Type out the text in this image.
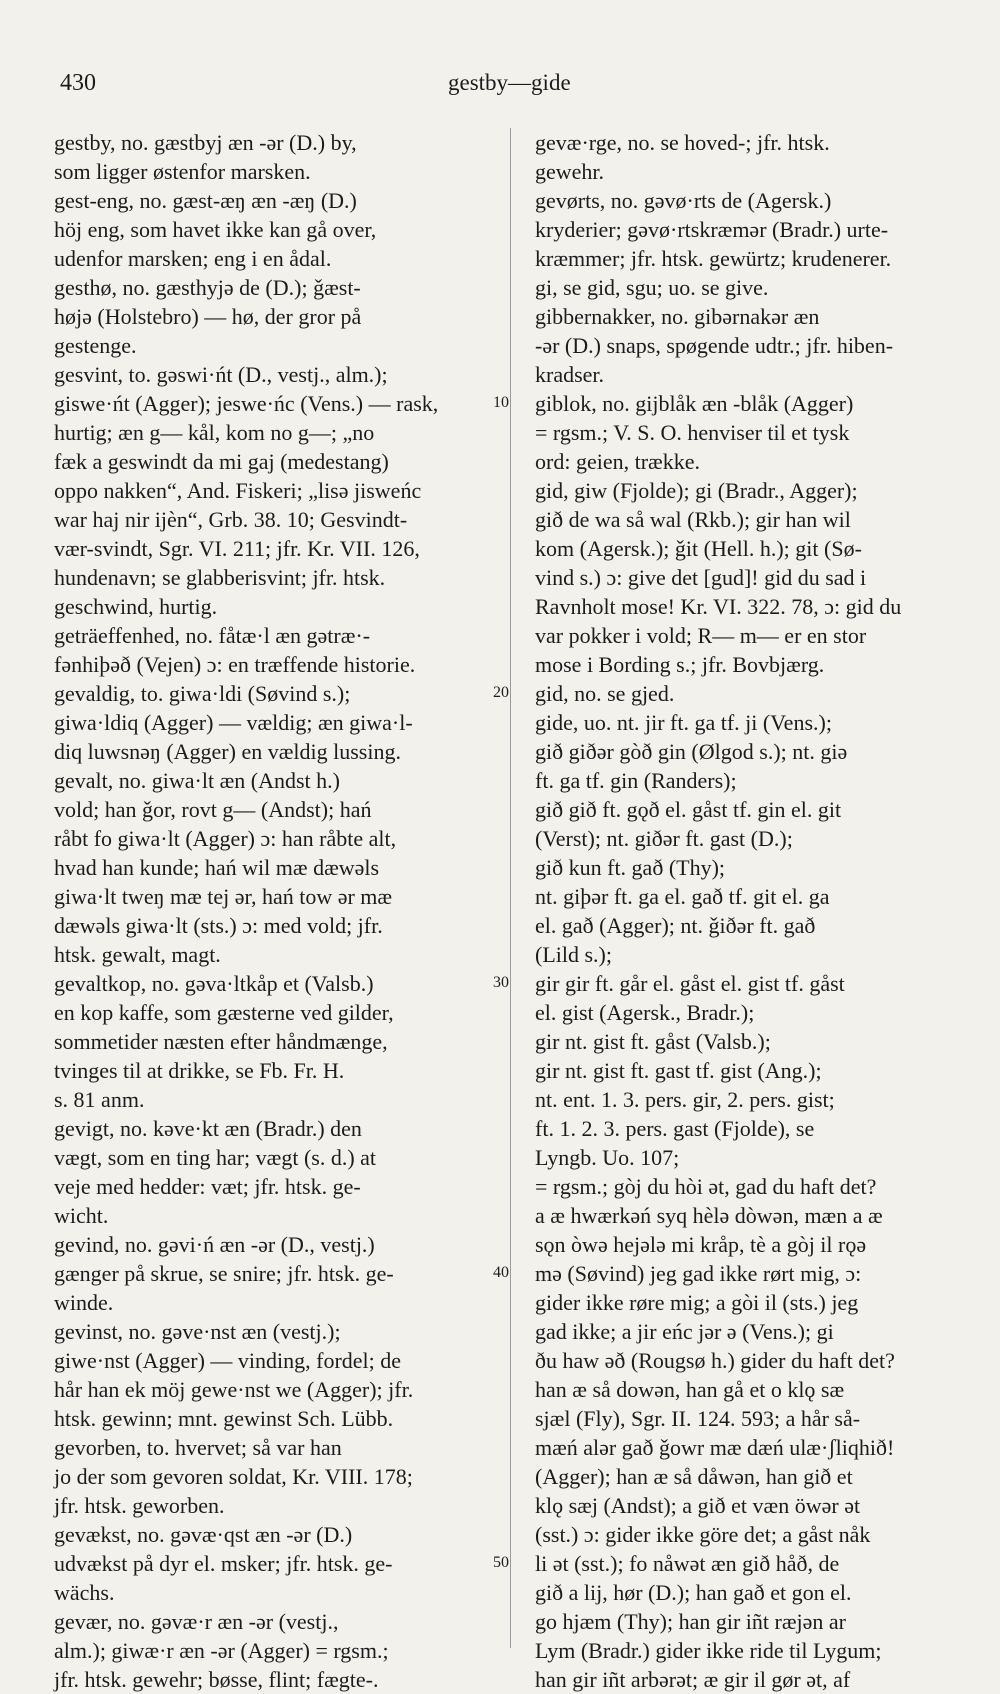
430	gestby—gide
gestby, no. gæstbyj æn -ər (D.) by,
som ligger østenfor marsken.
gest-eng, no. gæst-æŋ æn -æŋ (D.)
höj eng, som havet ikke kan gå over,
udenfor marsken; eng i en ådal.
gesthø, no. gæsthyjə de (D.); ǧæst-
højə (Holstebro) — hø, der gror på
gestenge.
gesvint, to. gəswi·ńt (D., vestj., alm.);
giswe·ńt (Agger); jeswe·ńc (Vens.) — rask,
hurtig; æn g— kål, kom no g—; „no
fæk a geswindt da mi gaj (medestang)
oppo nakken“, And. Fiskeri; „lisə jisweńc
war haj nir ijèn“, Grb. 38. 10; Gesvindt-
vær-svindt, Sgr. VI. 211; jfr. Kr. VII. 126,
hundenavn; se glabberisvint; jfr. htsk.
geschwind, hurtig.
geträeffenhed, no. fåtæ·l æn gətræ·-
fənhiþəð (Vejen) ɔ: en træffende historie.
gevaldig, to. giwa·ldi (Søvind s.);
giwa·ldiq (Agger) — vældig; æn giwa·l-
diq luwsnəŋ (Agger) en vældig lussing.
gevalt, no. giwa·lt æn (Andst h.)
vold; han ǧor, rovt g— (Andst); hań
råbt fo giwa·lt (Agger) ɔ: han råbte alt,
hvad han kunde; hań wil mæ dæwəls
giwa·lt tweŋ mæ tej ər, hań tow ər mæ
dæwəls giwa·lt (sts.) ɔ: med vold; jfr.
htsk. gewalt, magt.
gevaltkop, no. gəva·ltkåp et (Valsb.)
en kop kaffe, som gæsterne ved gilder,
sommetider næsten efter håndmænge,
tvinges til at drikke, se Fb. Fr. H.
s. 81 anm.
gevigt, no. kəve·kt æn (Bradr.) den
vægt, som en ting har; vægt (s. d.) at
veje med hedder: væt; jfr. htsk. ge-
wicht.
gevind, no. gəvi·ń æn -ər (D., vestj.)
gænger på skrue, se snire; jfr. htsk. ge-
winde.
gevinst, no. gəve·nst æn (vestj.);
giwe·nst (Agger) — vinding, fordel; de
hår han ek möj gewe·nst we (Agger); jfr.
htsk. gewinn; mnt. gewinst Sch. Lübb.
gevorben, to. hvervet; så var han
jo der som gevoren soldat, Kr. VIII. 178;
jfr. htsk. geworben.
gevækst, no. gəvæ·qst æn -ər (D.)
udvækst på dyr el. msker; jfr. htsk. ge-
wächs.
gevær, no. gəvæ·r æn -ər (vestj.,
alm.); giwæ·r æn -ər (Agger) = rgsm.;
jfr. htsk. gewehr; bøsse, flint; fægte-.
gevæ·rge, no. se hoved-; jfr. htsk.
gewehr.
gevørts, no. gəvø·rts de (Agersk.)
kryderier; gəvø·rtskræmər (Bradr.) urte-
kræmmer; jfr. htsk. gewürtz; krudenerer.
gi, se gid, sgu; uo. se give.
gibbernakker, no. gibərnakər æn
-ər (D.) snaps, spøgende udtr.; jfr. hiben-
kradser.
giblok, no. gijblåk æn -blåk (Agger)
= rgsm.; V. S. O. henviser til et tysk
ord: geien, trække.
gid, giw (Fjolde); gi (Bradr., Agger);
gið de wa så wal (Rkb.); gir han wil
kom (Agersk.); ǧit (Hell. h.); git (Sø-
vind s.) ɔ: give det [gud]! gid du sad i
Ravnholt mose! Kr. VI. 322. 78, ɔ: gid du
var pokker i vold; R— m— er en stor
mose i Bording s.; jfr. Bovbjærg.
gid, no. se gjed.
gide, uo. nt. jir ft. ga tf. ji (Vens.);
gið giðər gòð gin (Ølgod s.); nt. giə
ft. ga tf. gin (Randers);
gið gið ft. gǫð el. gåst tf. gin el. git
(Verst); nt. giðər ft. gast (D.);
gið kun ft. gað (Thy);
nt. giþər ft. ga el. gað tf. git el. ga
el. gað (Agger); nt. ǧiðər ft. gað
(Lild s.);
gir gir ft. går el. gåst el. gist tf. gåst
el. gist (Agersk., Bradr.);
gir nt. gist ft. gåst (Valsb.);
gir nt. gist ft. gast tf. gist (Ang.);
nt. ent. 1. 3. pers. gir, 2. pers. gist;
ft. 1. 2. 3. pers. gast (Fjolde), se
Lyngb. Uo. 107;
= rgsm.; gòj du hòi ət, gad du haft det?
a æ hwærkəń syq hèlə dòwən, mæn a æ
sǫn òwə hejələ mi kråp, tè a gòj il rǫə
mə (Søvind) jeg gad ikke rørt mig, ɔ:
gider ikke røre mig; a gòi il (sts.) jeg
gad ikke; a jir eńc jər ə (Vens.); gi
ðu haw əð (Rougsø h.) gider du haft det?
han æ så dowən, han gå et o klǫ sæ
sjæl (Fly), Sgr. II. 124. 593; a hår så-
mæń alər gað ǧowr mæ dæń ulæ·ʃliqhið!
(Agger); han æ så dåwən, han gið et
klǫ sæj (Andst); a gið et væn öwər ət
(sst.) ɔ: gider ikke göre det; a gåst nåk
li ət (sst.); fo nåwət æn gið håð, de
gið a lij, hør (D.); han gað et gon el.
go hjæm (Thy); han gir iñt ræjən ar
Lym (Bradr.) gider ikke ride til Lygum;
han gir iñt arbərət; æ gir il gør ət, af
10
20
30
40
50
